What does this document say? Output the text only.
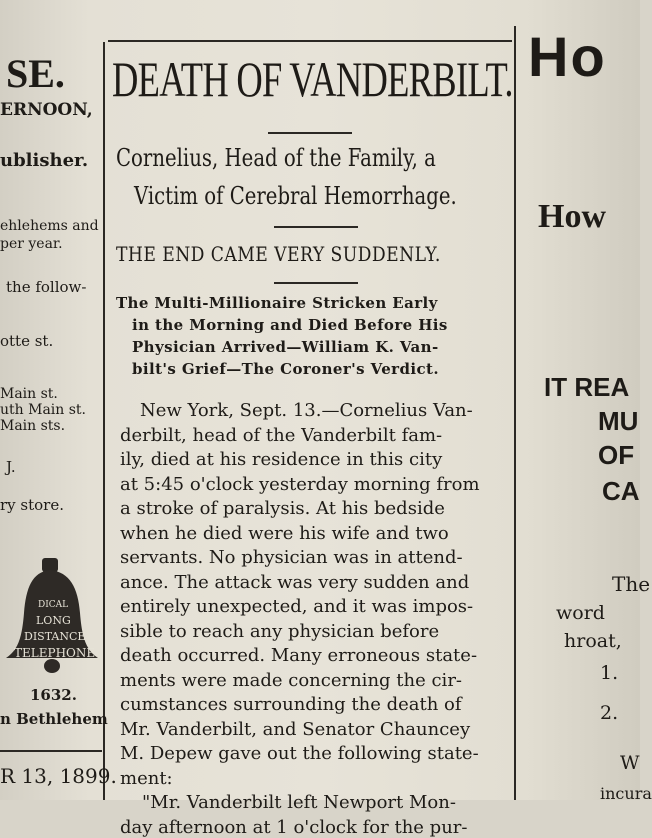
SE.
ERNOON,
ublisher.
ehlehems and
per year.
the follow-
otte st.
Main st.
uth Main st.
Main sts.
J.
ry store.
DICAL
LONG
DISTANCE
TELEPHONE
1632.
n Bethlehem
R 13, 1899.
DEATH OF VANDERBILT.
Cornelius, Head of the Family, a
Victim of Cerebral Hemorrhage.
THE END CAME VERY SUDDENLY.
The Multi-Millionaire Stricken Early
in the Morning and Died Before His
Physician Arrived—William K. Van-
bilt's Grief—The Coroner's Verdict.
New York, Sept. 13.—Cornelius Van-
derbilt, head of the Vanderbilt fam-
ily, died at his residence in this city
at 5:45 o'clock yesterday morning from
a stroke of paralysis. At his bedside
when he died were his wife and two
servants. No physician was in attend-
ance. The attack was very sudden and
entirely unexpected, and it was impos-
sible to reach any physician before
death occurred. Many erroneous state-
ments were made concerning the cir-
cumstances surrounding the death of
Mr. Vanderbilt, and Senator Chauncey
M. Depew gave out the following state-
ment:
"Mr. Vanderbilt left Newport Mon-
day afternoon at 1 o'clock for the pur-
Ho
How
IT REA
MU
OF
CA
The
word
hroat,
1.
2.
W
incura
